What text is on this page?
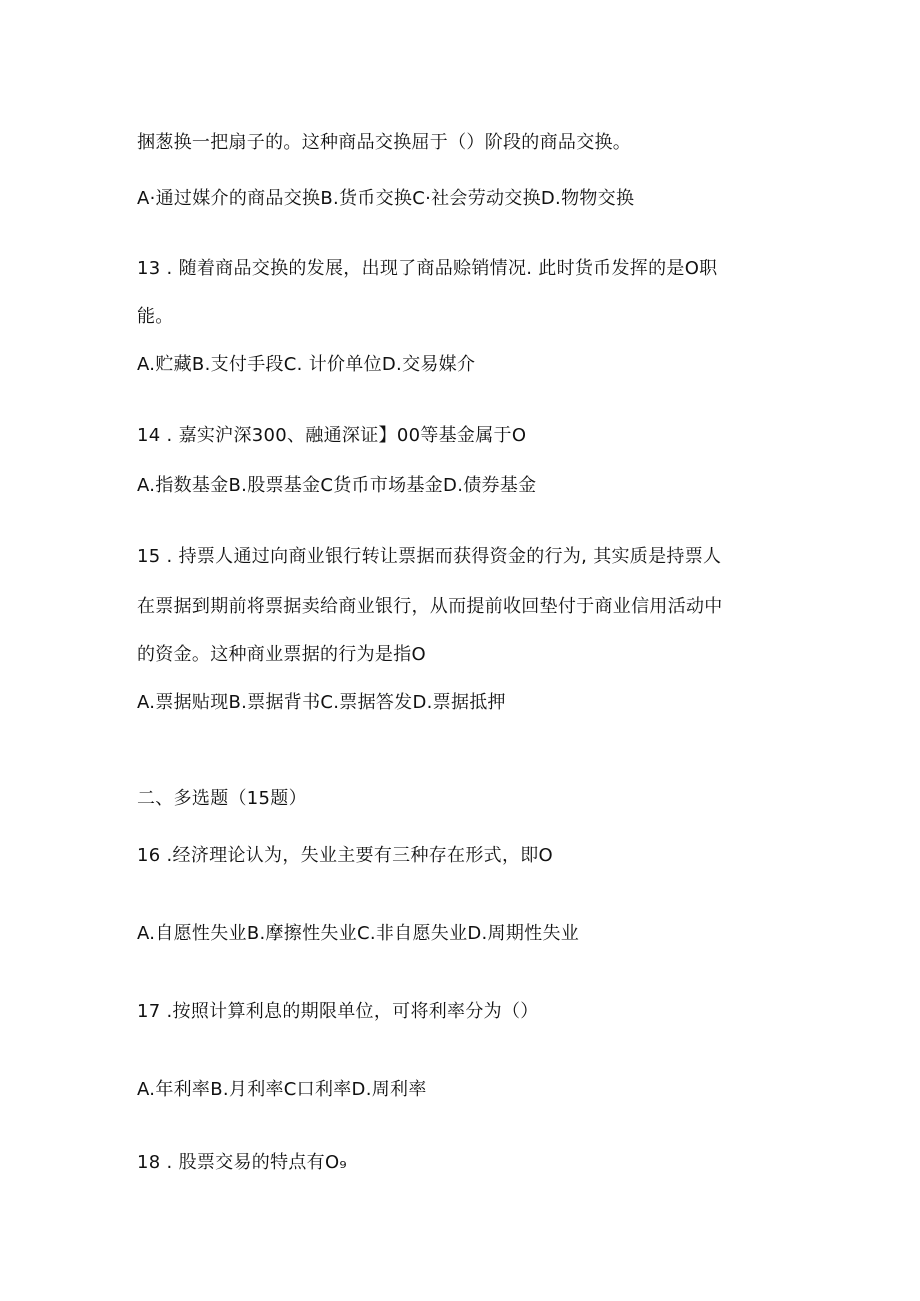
捆葱换一把扇子的。这种商品交换屈于（）阶段的商品交换。
A·通过媒介的商品交换B.货币交换C·社会劳动交换D.物物交换
13 . 随着商品交换的发展，出现了商品赊销情况. 此时货币发挥的是O职
能。
A.贮藏B.支付手段C. 计价单位D.交易媒介
14 . 嘉实沪深300、融通深证】00等基金属于O
A.指数基金B.股票基金C货币市场基金D.债券基金
15 . 持票人通过向商业银行转让票据而获得资金的行为, 其实质是持票人
在票据到期前将票据卖给商业银行，从而提前收回垫付于商业信用活动中
的资金。这种商业票据的行为是指O
A.票据贴现B.票据背书C.票据答发D.票据抵押
二、多选题（15题）
16 .经济理论认为，失业主要有三种存在形式，即O
A.自愿性失业B.摩擦性失业C.非自愿失业D.周期性失业
17 .按照计算利息的期限单位，可将利率分为（）
A.年利率B.月利率C口利率D.周利率
18 . 股票交易的特点有O₉
